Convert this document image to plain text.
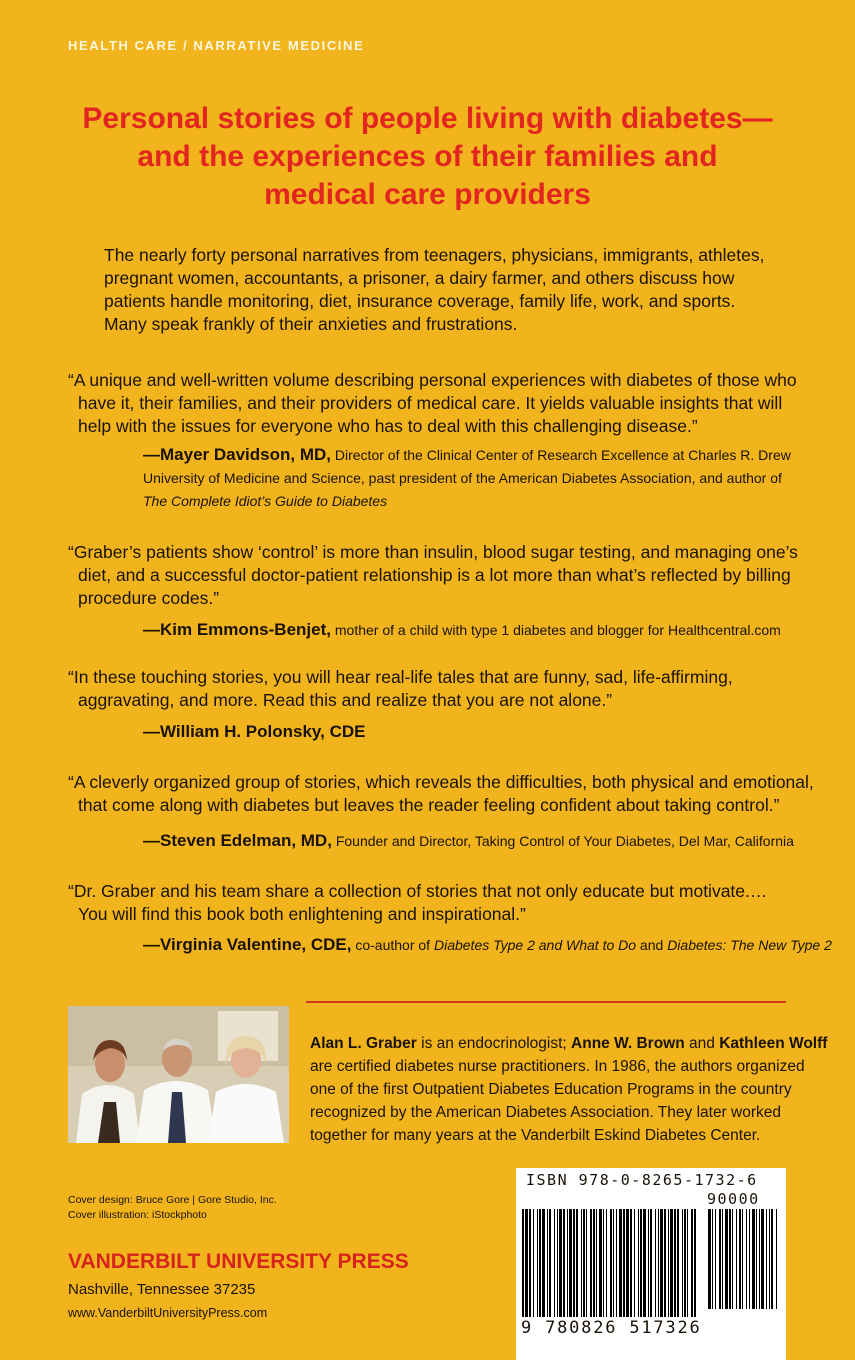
HEALTH CARE / NARRATIVE MEDICINE
Personal stories of people living with diabetes—
and the experiences of their families and
medical care providers
The nearly forty personal narratives from teenagers, physicians, immigrants, athletes,
pregnant women, accountants, a prisoner, a dairy farmer, and others discuss how
patients handle monitoring, diet, insurance coverage, family life, work, and sports.
Many speak frankly of their anxieties and frustrations.
“A unique and well-written volume describing personal experiences with diabetes of those who
have it, their families, and their providers of medical care. It yields valuable insights that will
help with the issues for everyone who has to deal with this challenging disease.”
—Mayer Davidson, MD, Director of the Clinical Center of Research Excellence at Charles R. Drew
University of Medicine and Science, past president of the American Diabetes Association, and author of
The Complete Idiot’s Guide to Diabetes
“Graber’s patients show ‘control’ is more than insulin, blood sugar testing, and managing one’s
diet, and a successful doctor-patient relationship is a lot more than what’s reflected by billing
procedure codes.”
—Kim Emmons-Benjet, mother of a child with type 1 diabetes and blogger for Healthcentral.com
“In these touching stories, you will hear real-life tales that are funny, sad, life-affirming,
aggravating, and more. Read this and realize that you are not alone.”
—William H. Polonsky, CDE
“A cleverly organized group of stories, which reveals the difficulties, both physical and emotional,
that come along with diabetes but leaves the reader feeling confident about taking control.”
—Steven Edelman, MD, Founder and Director, Taking Control of Your Diabetes, Del Mar, California
“Dr. Graber and his team share a collection of stories that not only educate but motivate.…
You will find this book both enlightening and inspirational.”
—Virginia Valentine, CDE, co-author of Diabetes Type 2 and What to Do and Diabetes: The New Type 2
Alan L. Graber is an endocrinologist; Anne W. Brown and Kathleen Wolff
are certified diabetes nurse practitioners. In 1986, the authors organized
one of the first Outpatient Diabetes Education Programs in the country
recognized by the American Diabetes Association. They later worked
together for many years at the Vanderbilt Eskind Diabetes Center.
Cover design: Bruce Gore | Gore Studio, Inc.
Cover illustration: iStockphoto
VANDERBILT UNIVERSITY PRESS
Nashville, Tennessee 37235
www.VanderbiltUniversityPress.com
ISBN 978-0-8265-1732-6
90000
9 780826 517326
